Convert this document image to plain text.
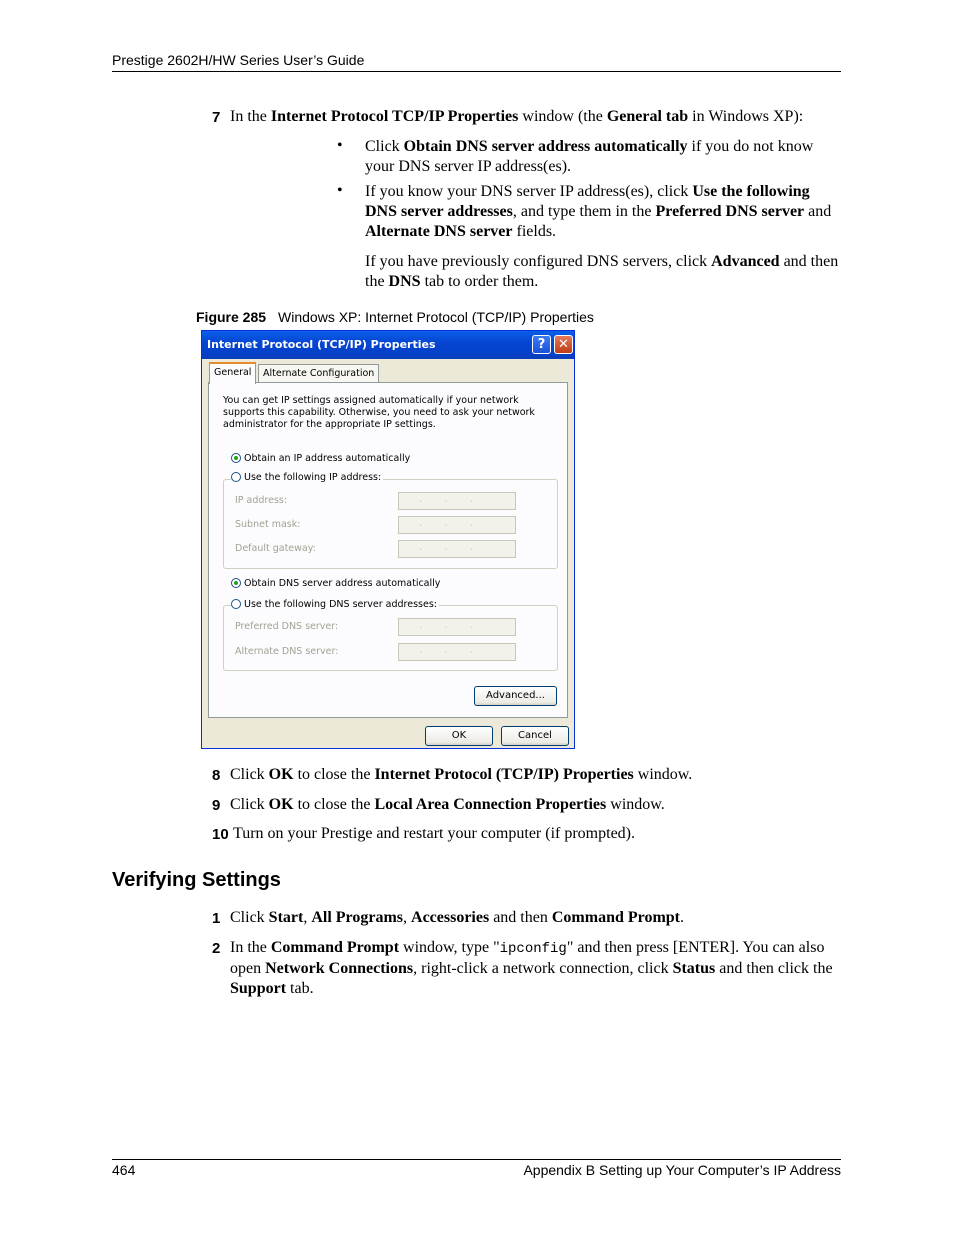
Prestige 2602H/HW Series User’s Guide
7 In the Internet Protocol TCP/IP Properties window (the General tab in Windows XP):
• Click Obtain DNS server address automatically if you do not know your DNS server IP address(es).
• If you know your DNS server IP address(es), click Use the following DNS server addresses, and type them in the Preferred DNS server and Alternate DNS server fields.
If you have previously configured DNS servers, click Advanced and then the DNS tab to order them.
Figure 285 Windows XP: Internet Protocol (TCP/IP) Properties
Internet Protocol (TCP/IP) Properties	? ✕
General	Alternate Configuration
You can get IP settings assigned automatically if your network supports this capability. Otherwise, you need to ask your network administrator for the appropriate IP settings.
Obtain an IP address automatically
Use the following IP address:
IP address:	...
Subnet mask:	...
Default gateway:	...
Obtain DNS server address automatically
Use the following DNS server addresses:
Preferred DNS server:	...
Alternate DNS server:	...
Advanced...
OK	Cancel
8 Click OK to close the Internet Protocol (TCP/IP) Properties window.
9 Click OK to close the Local Area Connection Properties window.
10 Turn on your Prestige and restart your computer (if prompted).
Verifying Settings
1 Click Start, All Programs, Accessories and then Command Prompt.
2 In the Command Prompt window, type "ipconfig" and then press [ENTER]. You can also open Network Connections, right-click a network connection, click Status and then click the Support tab.
464	Appendix B Setting up Your Computer’s IP Address
